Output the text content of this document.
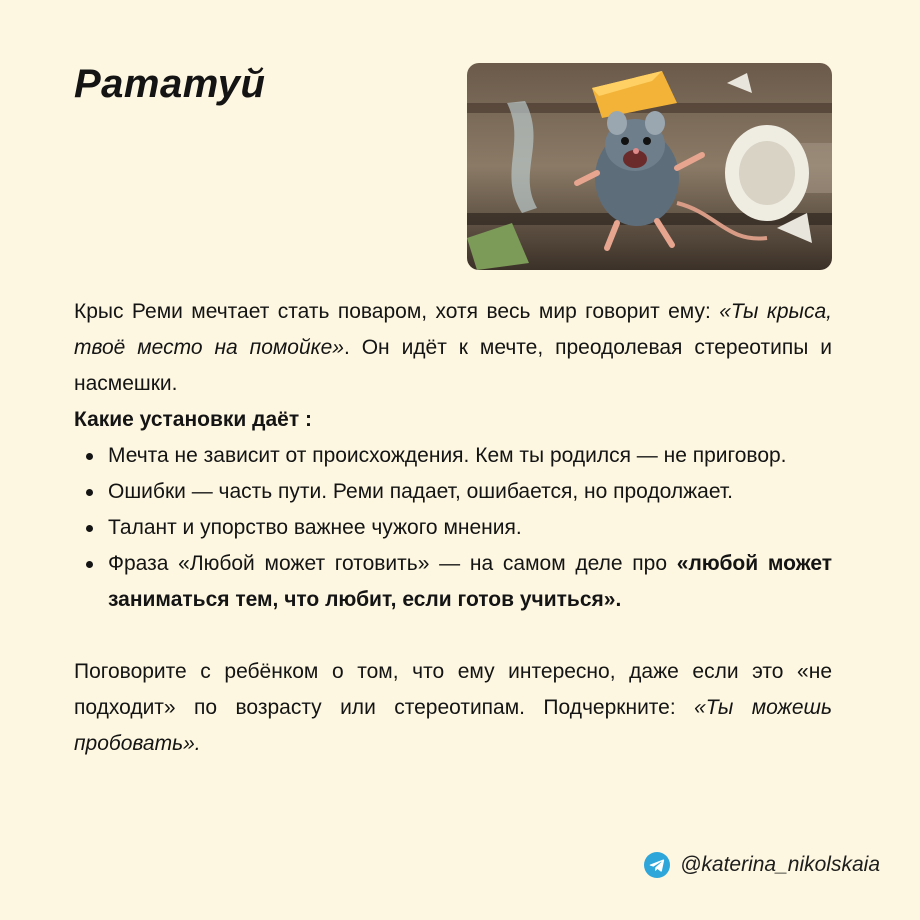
Рататуй

Крыс Реми мечтает стать поваром, хотя весь мир говорит ему: «Ты крыса, твоё место на помойке». Он идёт к мечте, преодолевая стереотипы и насмешки.

Какие установки даёт :

Мечта не зависит от происхождения. Кем ты родился — не приговор.
Ошибки — часть пути. Реми падает, ошибается, но продолжает.
Талант и упорство важнее чужого мнения.
Фраза «Любой может готовить» — на самом деле про «любой может заниматься тем, что любит, если готов учиться».

Поговорите с ребёнком о том, что ему интересно, даже если это «не подходит» по возрасту или стереотипам. Подчеркните: «Ты можешь пробовать».

@katerina_nikolskaia
